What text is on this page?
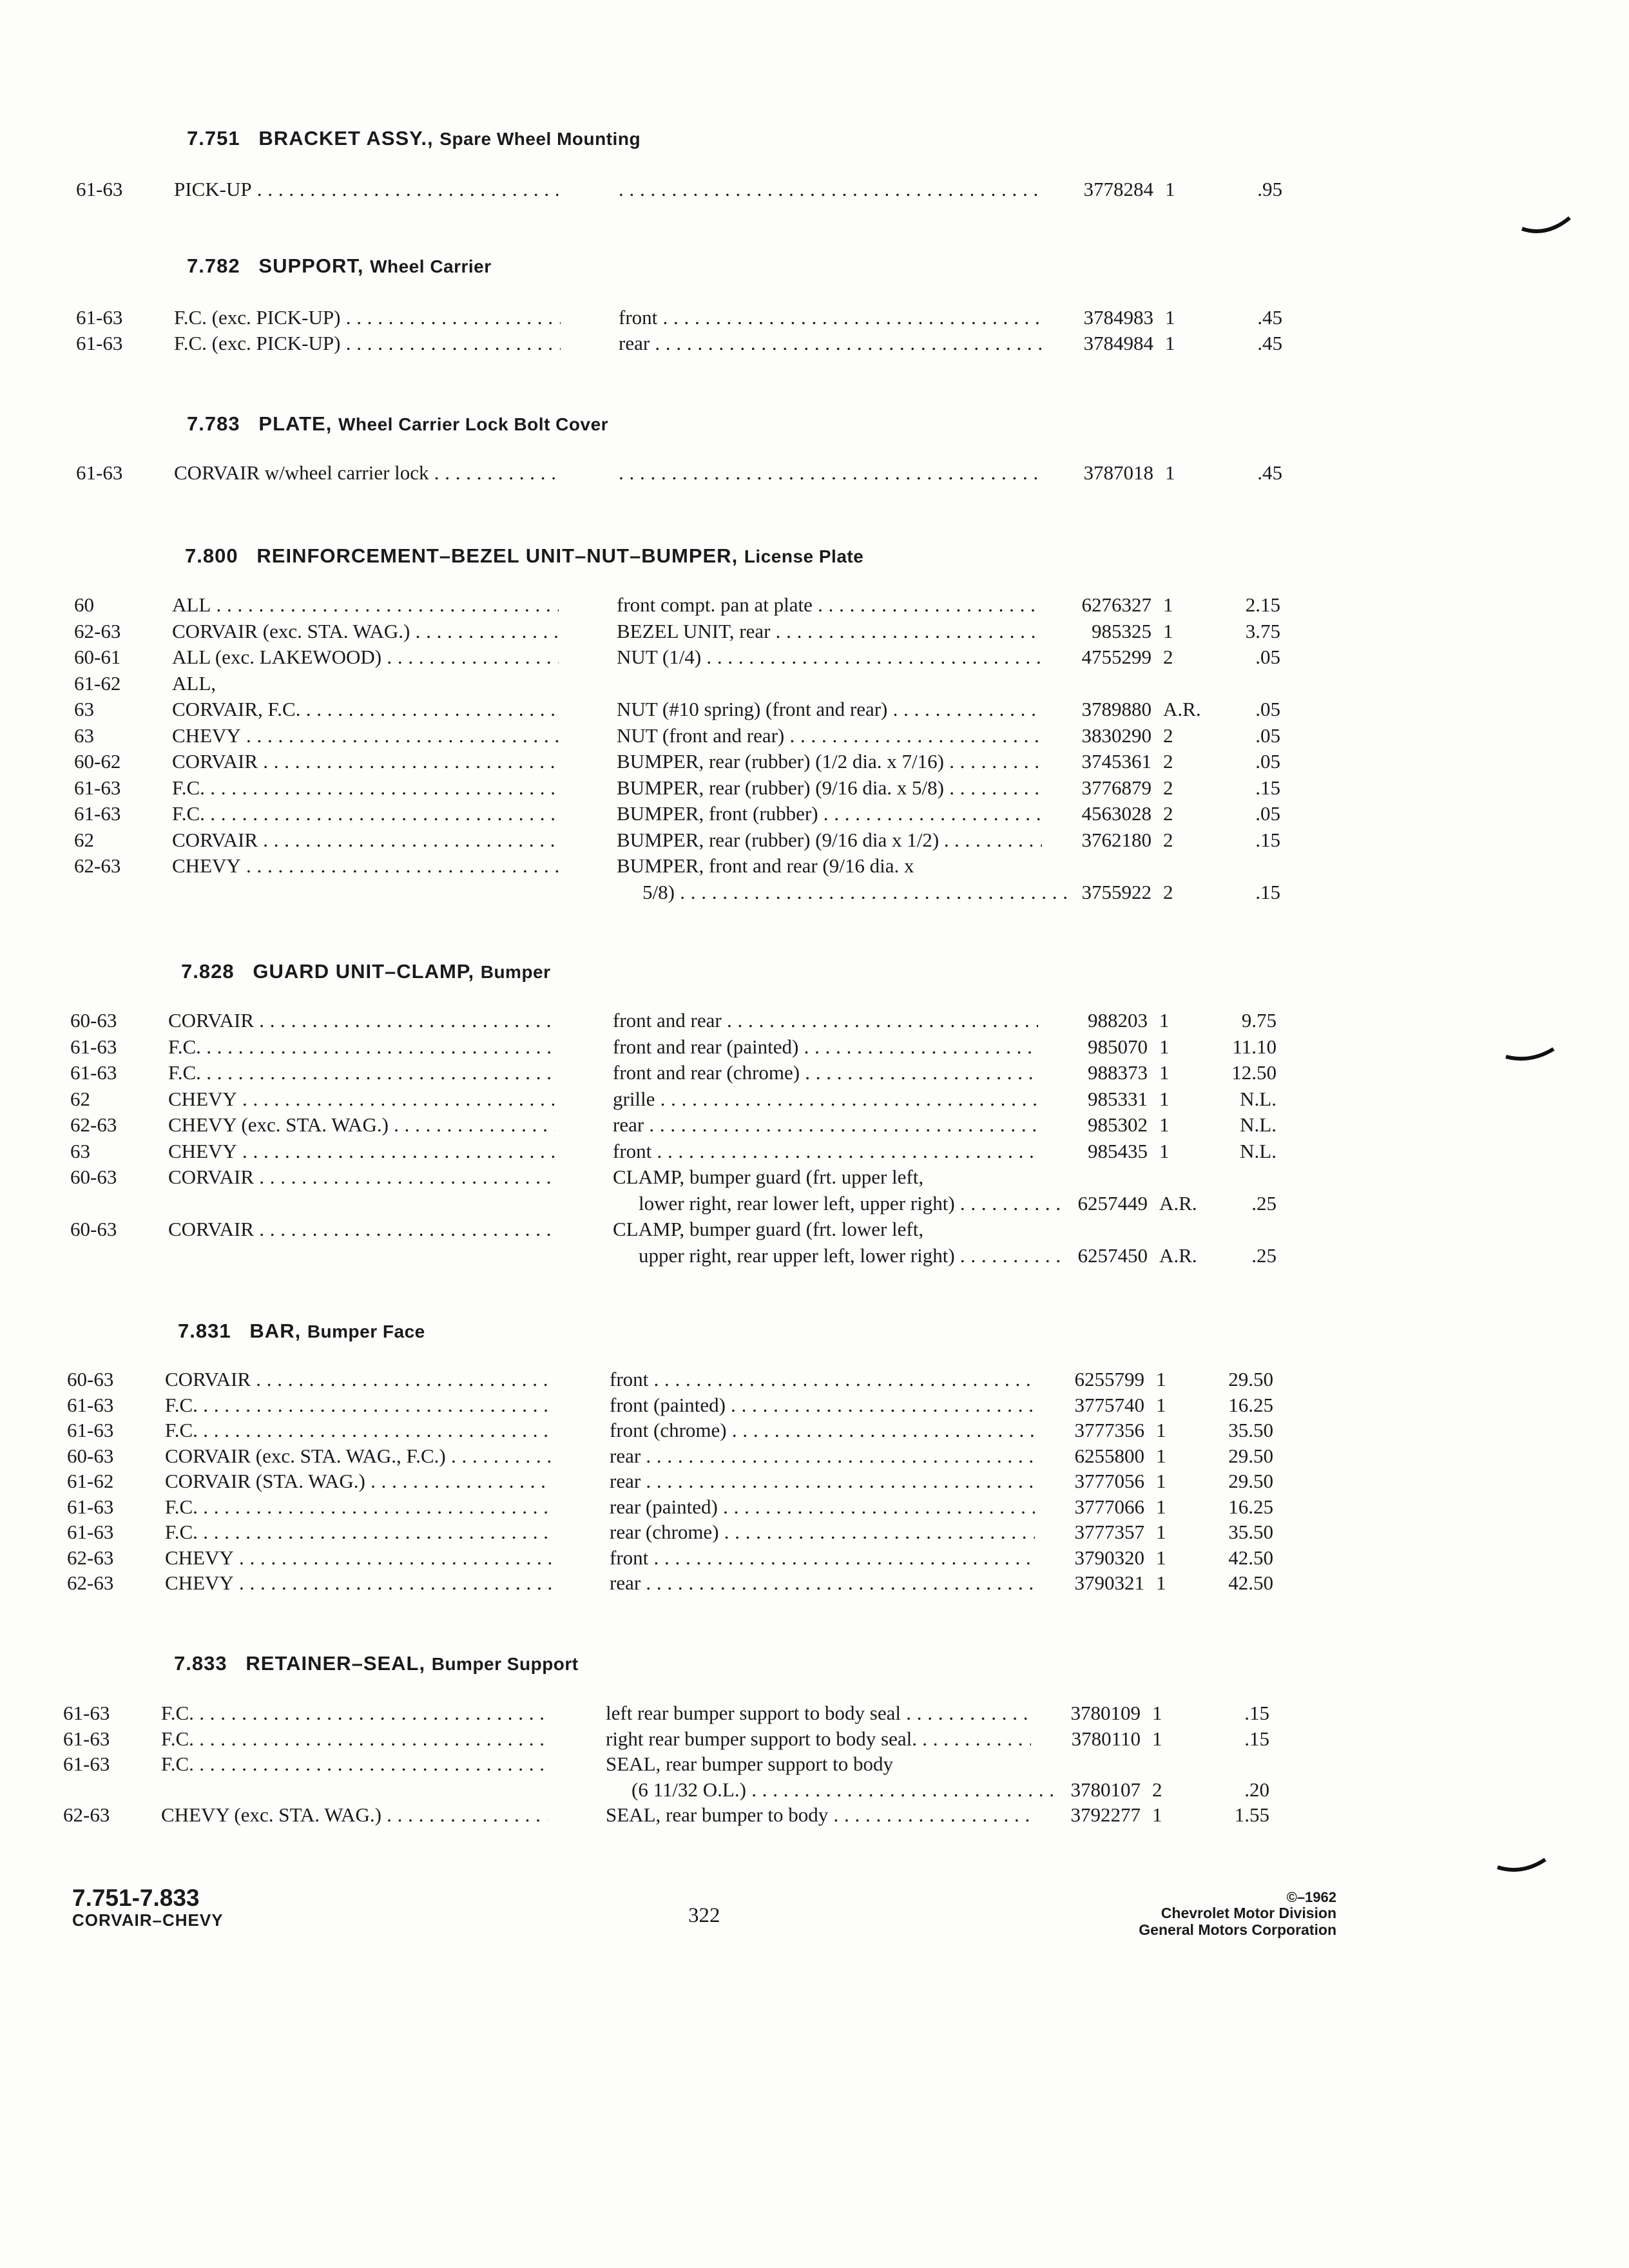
7.751 BRACKET ASSY., Spare Wheel Mounting
61-63	PICK-UP . . . . . .	3778284 1	.95
7.782 SUPPORT, Wheel Carrier
61-63	F.C. (exc. PICK-UP) . . .	front . . .	3784983 1	.45
61-63	F.C. (exc. PICK-UP) . . .	rear . . .	3784984 1	.45
7.783 PLATE, Wheel Carrier Lock Bolt Cover
61-63	CORVAIR w/wheel carrier lock . . . . . .	3787018 1	.45
7.800 REINFORCEMENT–BEZEL UNIT–NUT–BUMPER, License Plate
60	ALL . . .	front compt. pan at plate . . .	6276327 1	2.15
62-63	CORVAIR (exc. STA. WAG.) . . .	BEZEL UNIT, rear . . .	985325 1	3.75
60-61	ALL (exc. LAKEWOOD) . . .	NUT (1/4) . . .	4755299 2	.05
61-62	ALL,
63	CORVAIR, F.C. . . .	NUT (#10 spring) (front and rear) . . .	3789880 A.R.	.05
63	CHEVY . . .	NUT (front and rear) . . .	3830290 2	.05
60-62	CORVAIR . . .	BUMPER, rear (rubber) (1/2 dia. x 7/16) . . .	3745361 2	.05
61-63	F.C. . . .	BUMPER, rear (rubber) (9/16 dia. x 5/8) . . .	3776879 2	.15
61-63	F.C. . . .	BUMPER, front (rubber) . . .	4563028 2	.05
62	CORVAIR . . .	BUMPER, rear (rubber) (9/16 dia x 1/2) . . . .	3762180 2	.15
62-63	CHEVY . . .	BUMPER, front and rear (9/16 dia. x
5/8) . . .	3755922 2	.15
7.828 GUARD UNIT–CLAMP, Bumper
60-63	CORVAIR . . .	front and rear . . .	988203 1	9.75
61-63	F.C. . . .	front and rear (painted) . . .	985070 1	11.10
61-63	F.C. . . .	front and rear (chrome) . . .	988373 1	12.50
62	CHEVY . . .	grille . . .	985331 1	N.L.
62-63	CHEVY (exc. STA. WAG.) . . .	rear . . .	985302 1	N.L.
63	CHEVY . . .	front . . .	985435 1	N.L.
60-63	CORVAIR . . .	CLAMP, bumper guard (frt. upper left,
lower right, rear lower left, upper right) . . .	6257449 A.R.	.25
60-63	CORVAIR . . .	CLAMP, bumper guard (frt. lower left,
upper right, rear upper left, lower right) . . .	6257450 A.R.	.25
7.831 BAR, Bumper Face
60-63	CORVAIR . . .	front . . .	6255799 1	29.50
61-63	F.C. . . .	front (painted) . . .	3775740 1	16.25
61-63	F.C. . . .	front (chrome) . . .	3777356 1	35.50
60-63	CORVAIR (exc. STA. WAG., F.C.) . . .	rear . . .	6255800 1	29.50
61-62	CORVAIR (STA. WAG.) . . .	rear . . .	3777056 1	29.50
61-63	F.C. . . .	rear (painted) . . .	3777066 1	16.25
61-63	F.C. . . .	rear (chrome) . . .	3777357 1	35.50
62-63	CHEVY . . .	front . . .	3790320 1	42.50
62-63	CHEVY . . .	rear . . .	3790321 1	42.50
7.833 RETAINER–SEAL, Bumper Support
61-63	F.C. . . .	left rear bumper support to body seal . . .	3780109 1	.15
61-63	F.C. . . .	right rear bumper support to body seal. . . .	3780110 1	.15
61-63	F.C. . . .	SEAL, rear bumper support to body
(6 11/32 O.L.) . . .	3780107 2	.20
62-63	CHEVY (exc. STA. WAG.) . . .	SEAL, rear bumper to body . . .	3792277 1	1.55
7.751-7.833
CORVAIR–CHEVY	322
©–1962
Chevrolet Motor Division
General Motors Corporation
